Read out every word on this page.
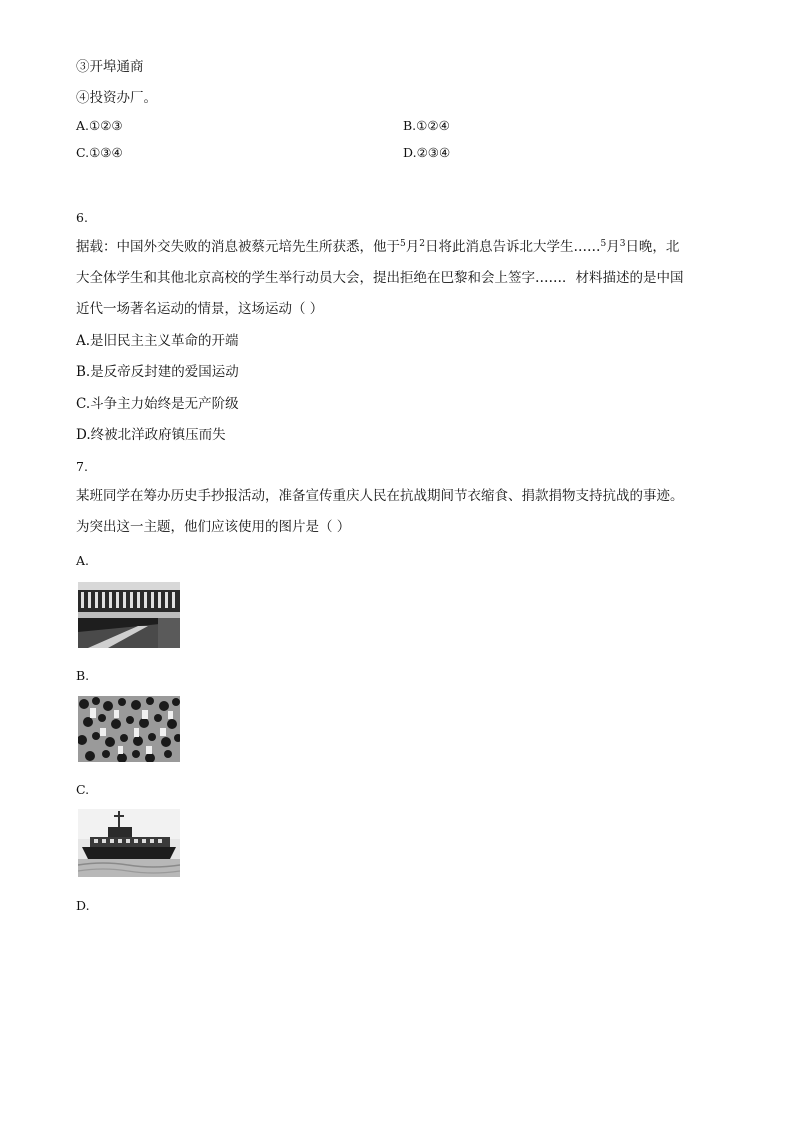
③开埠通商
④投资办厂。
A.①②③	B.①②④
C.①③④	D.②③④
6.
据载：中国外交失败的消息被蔡元培先生所获悉，他于$^5$月$^2$日将此消息告诉北大学生……$^5$月$^3$日晚，北
大全体学生和其他北京高校的学生举行动员大会，提出拒绝在巴黎和会上签字……．材料描述的是中国
近代一场著名运动的情景，这场运动（ ）
A.是旧民主主义革命的开端
B.是反帝反封建的爱国运动
C.斗争主力始终是无产阶级
D.终被北洋政府镇压而失
7.
某班同学在筹办历史手抄报活动，准备宣传重庆人民在抗战期间节衣缩食、捐款捐物支持抗战的事迹。
为突出这一主题，他们应该使用的图片是（ ）
A.
B.
C.
D.
